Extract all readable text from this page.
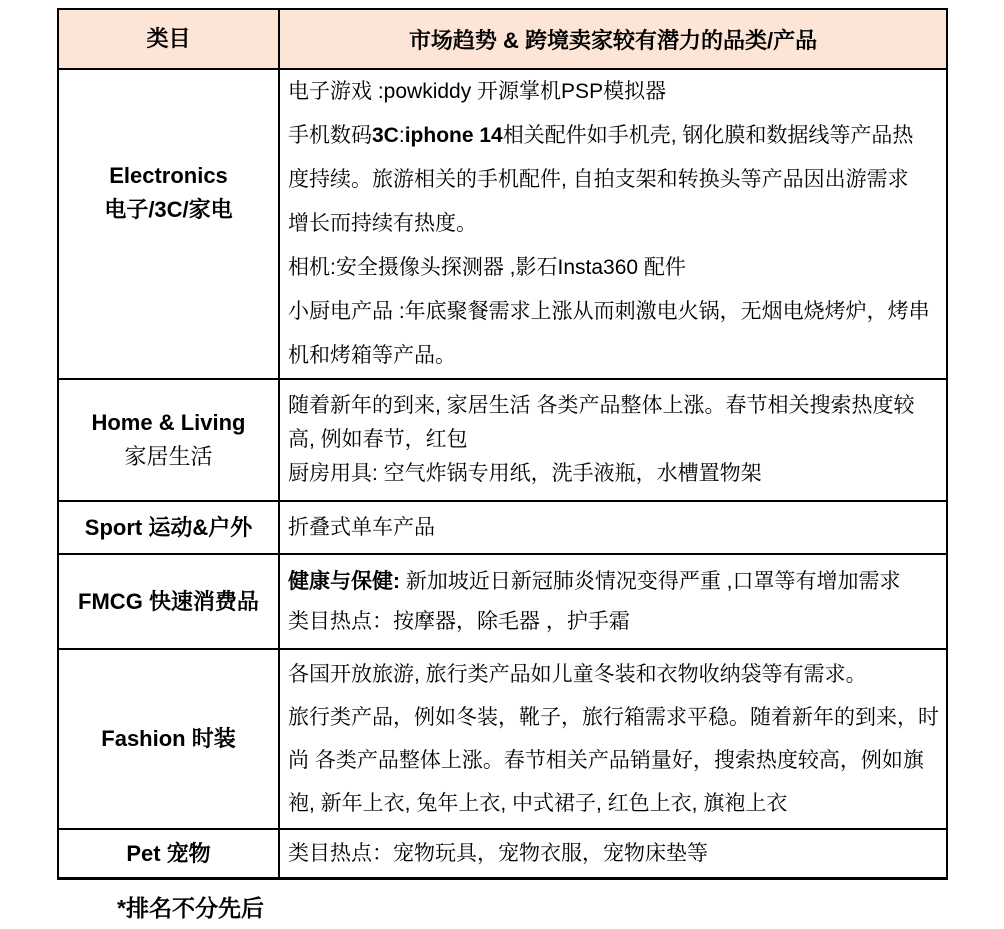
类目	市场趋势 & 跨境卖家较有潜力的品类/产品
Electronics
电子/3C/家电
电子游戏 :powkiddy 开源掌机PSP模拟器
手机数码3C:iphone 14相关配件如手机壳, 钢化膜和数据线等产品热
度持续。旅游相关的手机配件, 自拍支架和转换头等产品因出游需求
增长而持续有热度。
相机:安全摄像头探测器 ,影石Insta360 配件
小厨电产品 :年底聚餐需求上涨从而刺激电火锅，无烟电烧烤炉，烤串
机和烤箱等产品。
Home & Living
家居生活
随着新年的到来, 家居生活 各类产品整体上涨。春节相关搜索热度较
高, 例如春节，红包
厨房用具: 空气炸锅专用纸，洗手液瓶，水槽置物架
Sport 运动&户外 折叠式单车产品
FMCG 快速消费品
健康与保健: 新加坡近日新冠肺炎情况变得严重 ,口罩等有增加需求
类目热点：按摩器，除毛器 ，护手霜
Fashion 时装
各国开放旅游, 旅行类产品如儿童冬装和衣物收纳袋等有需求。
旅行类产品，例如冬装，靴子，旅行箱需求平稳。随着新年的到来，时
尚 各类产品整体上涨。春节相关产品销量好，搜索热度较高，例如旗
袍, 新年上衣, 兔年上衣, 中式裙子, 红色上衣, 旗袍上衣
Pet 宠物	类目热点：宠物玩具，宠物衣服，宠物床垫等
*排名不分先后
